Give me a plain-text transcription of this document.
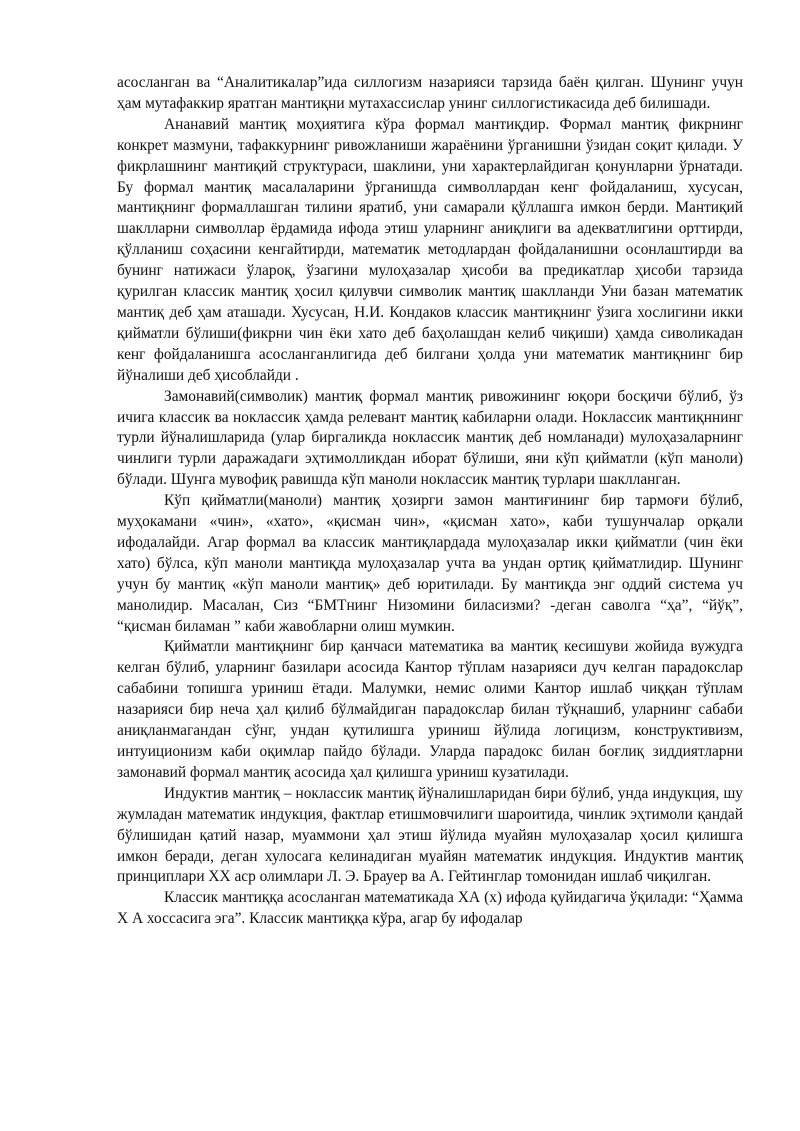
асосланган ва “Аналитикалар”ида силлогизм назарияси тарзида баён қилган. Шунинг учун ҳам мутафаккир яратган мантиқни мутахассислар унинг силлогистикасида деб билишади.

Ананавий мантиқ моҳиятига кўра формал мантиқдир. Формал мантиқ фикрнинг конкрет мазмуни, тафаккурнинг ривожланиши жараёнини ўрганишни ўзидан соқит қилади. У фикрлашнинг мантиқий структураси, шаклини, уни характерлайдиган қонунларни ўрнатади. Бу формал мантиқ масалаларини ўрганишда символлардан кенг фойдаланиш, хусусан, мантиқнинг формаллашган тилини яратиб, уни самарали қўллашга имкон берди. Мантиқий шаклларни символлар ёрдамида ифода этиш уларнинг аниқлиги ва адекватлигини орттирди, қўлланиш соҳасини кенгайтирди, математик методлардан фойдаланишни осонлаштирди ва бунинг натижаси ўлароқ, ўзагини мулоҳазалар ҳисоби ва предикатлар ҳисоби тарзида қурилган классик мантиқ ҳосил қилувчи символик мантиқ шаклланди Уни базан математик мантиқ деб ҳам аташади. Хусусан, Н.И. Кондаков классик мантиқнинг ўзига хослигини икки қийматли бўлиши(фикрни чин ёки хато деб баҳолашдан келиб чиқиши) ҳамда сиволикадан кенг фойдаланишга асосланганлигида деб билгани ҳолда уни математик мантиқнинг бир йўналиши деб ҳисоблайди .

Замонавий(символик) мантиқ формал мантиқ ривожининг юқори босқичи бўлиб, ўз ичига классик ва ноклассик ҳамда релевант мантиқ кабиларни олади. Ноклассик мантиқннинг турли йўналишларида (улар биргаликда ноклассик мантиқ деб номланади) мулоҳазаларнинг чинлиги турли даражадаги эҳтимолликдан иборат бўлиши, яни кўп қийматли (кўп маноли) бўлади. Шунга мувофиқ равишда кўп маноли ноклассик мантиқ турлари шаклланган.

Кўп қийматли(маноли) мантиқ ҳозирги замон мантиғининг бир тармоғи бўлиб, муҳокамани «чин», «хато», «қисман чин», «қисман хато», каби тушунчалар орқали ифодалайди. Агар формал ва классик мантиқлардада мулоҳазалар икки қийматли (чин ёки хато) бўлса, кўп маноли мантиқда мулоҳазалар учта ва ундан ортиқ қийматлидир. Шунинг учун бу мантиқ «кўп маноли мантиқ» деб юритилади. Бу мантиқда энг оддий система уч манолидир. Масалан, Сиз “БМТнинг Низомини биласизми? -деган саволга “ҳа”, “йўқ”, “қисман биламан ” каби жавобларни олиш мумкин.

Қийматли мантиқнинг бир қанчаси математика ва мантиқ кесишуви жойида вужудга келган бўлиб, уларнинг базилари асосида Кантор тўплам назарияси дуч келган парадокслар сабабини топишга уриниш ётади. Малумки, немис олими Кантор ишлаб чиққан тўплам назарияси бир неча ҳал қилиб бўлмайдиган парадокслар билан тўқнашиб, уларнинг сабаби аниқланмагандан сўнг, ундан қутилишга уриниш йўлида логицизм, конструктивизм, интуиционизм каби оқимлар пайдо бўлади. Уларда парадокс билан боғлиқ зиддиятларни замонавий формал мантиқ асосида ҳал қилишга уриниш кузатилади.

Индуктив мантиқ – ноклассик мантиқ йўналишларидан бири бўлиб, унда индукция, шу жумладан математик индукция, фактлар етишмовчилиги шароитида, чинлик эҳтимоли қандай бўлишидан қатий назар, муаммони ҳал этиш йўлида муайян мулоҳазалар ҳосил қилишга имкон беради, деган хулосага келинадиган муайян математик индукция. Индуктив мантиқ принциплари ХХ аср олимлари Л. Э. Брауер ва А. Гейтинглар томонидан ишлаб чиқилган.

Классик мантиққа асосланган математикада ХА (х) ифода қуйидагича ўқилади: “Ҳамма Х А хоссасига эга”. Классик мантиққа кўра, агар бу ифодалар
